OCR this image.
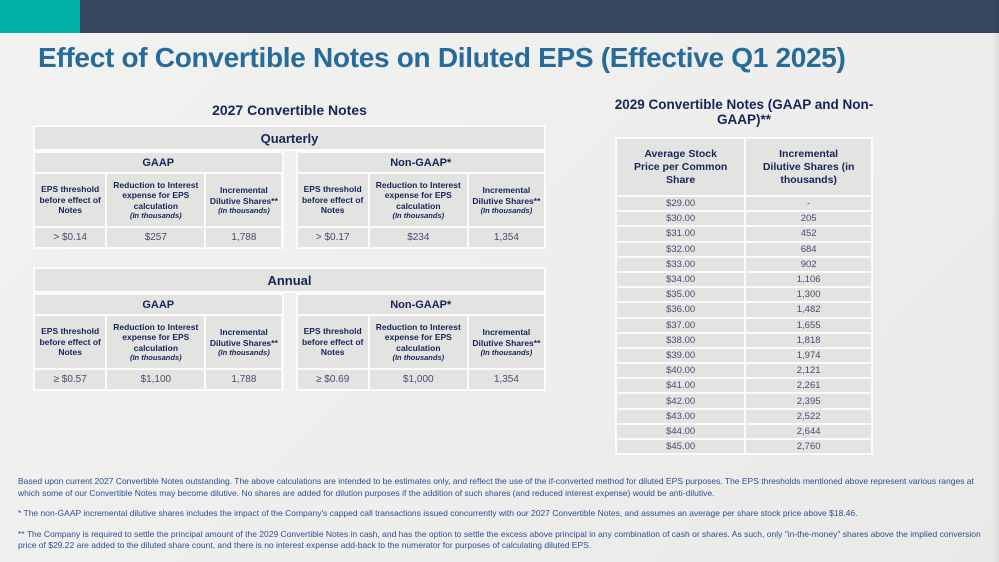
Effect of Convertible Notes on Diluted EPS (Effective Q1 2025)
2027 Convertible Notes
Quarterly
GAAP
EPS threshold before effect of Notes
Reduction to Interest expense for EPS calculation
(In thousands)
Incremental Dilutive Shares**
(In thousands)
> $0.14	$257	1,788
Non-GAAP*
EPS threshold before effect of Notes
Reduction to Interest expense for EPS calculation
(In thousands)
Incremental Dilutive Shares**
(In thousands)
> $0.17	$234	1,354
Annual
GAAP
EPS threshold before effect of Notes
Reduction to Interest expense for EPS calculation
(In thousands)
Incremental Dilutive Shares**
(In thousands)
≥ $0.57	$1,100	1,788
Non-GAAP*
EPS threshold before effect of Notes
Reduction to Interest expense for EPS calculation
(In thousands)
Incremental Dilutive Shares**
(In thousands)
≥ $0.69	$1,000	1,354
2029 Convertible Notes (GAAP and Non-GAAP)**
Average Stock Price per Common Share
Incremental Dilutive Shares (in thousands)
$29.00	-
$30.00	205
$31.00	452
$32.00	684
$33.00	902
$34.00	1,106
$35.00	1,300
$36.00	1,482
$37.00	1,655
$38.00	1,818
$39.00	1,974
$40.00	2,121
$41.00	2,261
$42.00	2,395
$43.00	2,522
$44.00	2,644
$45.00	2,760

Based upon current 2027 Convertible Notes outstanding. The above calculations are intended to be estimates only, and reflect the use of the if-converted method for diluted EPS purposes. The EPS thresholds mentioned above represent various ranges at which some of our Convertible Notes may become dilutive. No shares are added for dilution purposes if the addition of such shares (and reduced interest expense) would be anti-dilutive.

* The non-GAAP incremental dilutive shares includes the impact of the Company's capped call transactions issued concurrently with our 2027 Convertible Notes, and assumes an average per share stock price above $18.46.

** The Company is required to settle the principal amount of the 2029 Convertible Notes in cash, and has the option to settle the excess above principal in any combination of cash or shares. As such, only "in-the-money" shares above the implied conversion price of $29.22 are added to the diluted share count, and there is no interest expense add-back to the numerator for purposes of calculating diluted EPS.
